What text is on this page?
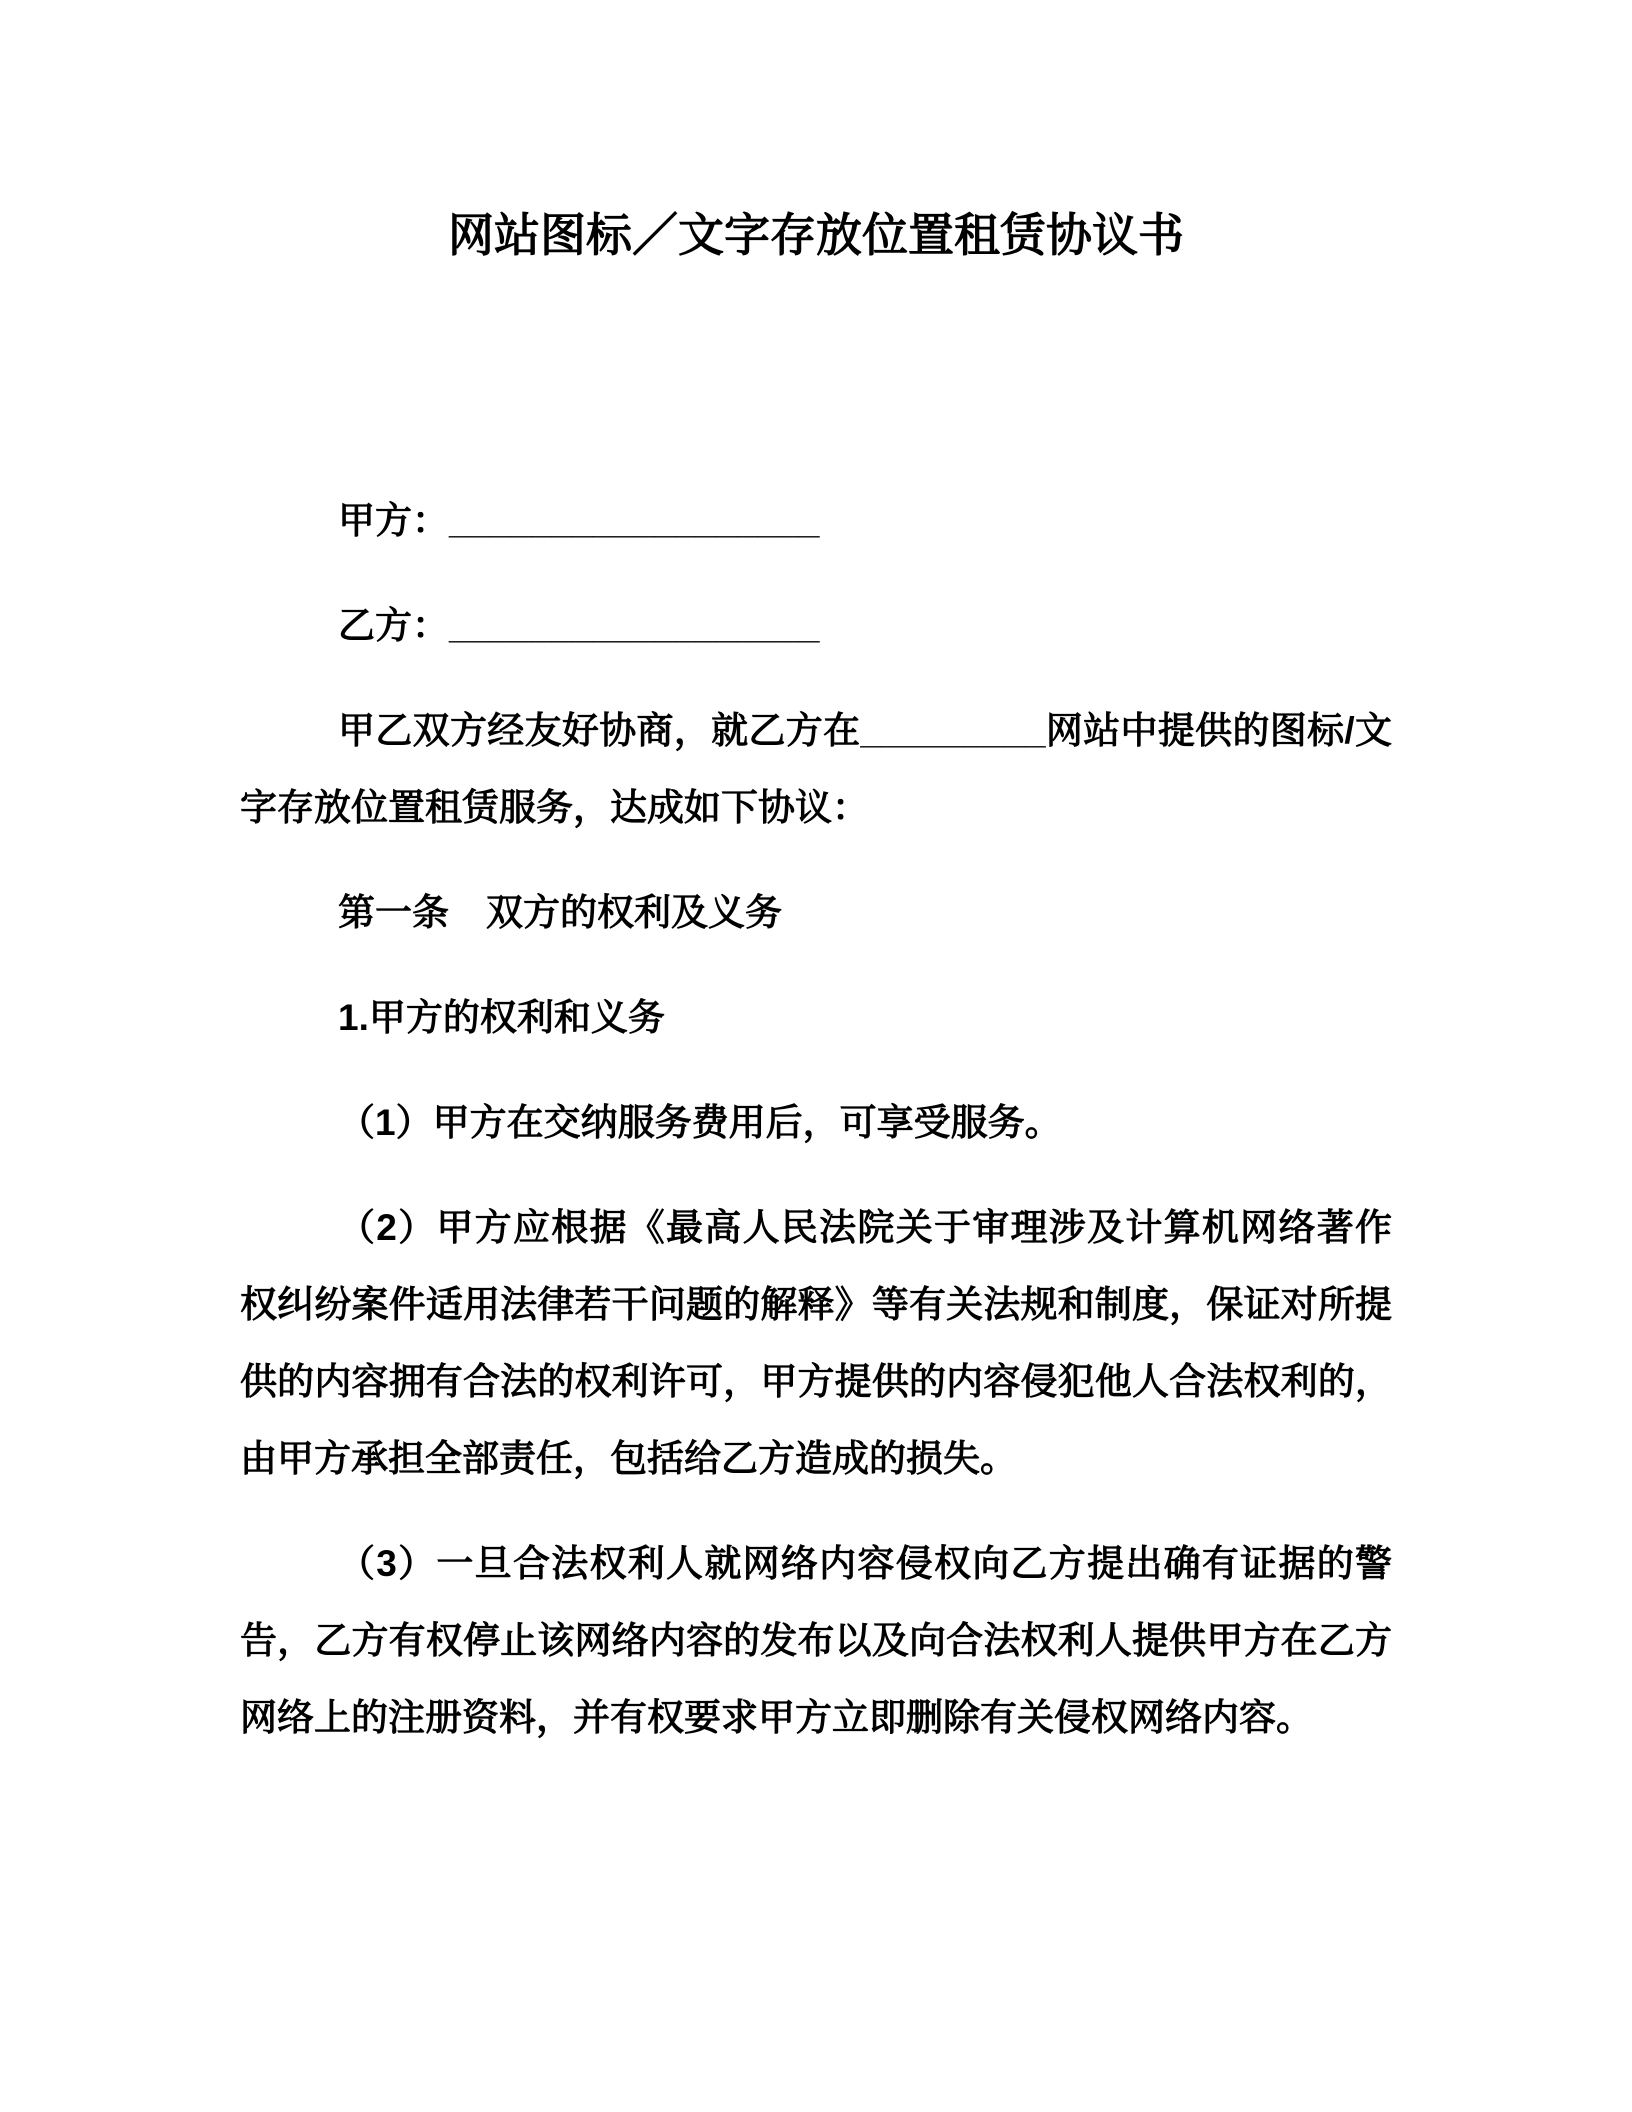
网站图标／文字存放位置租赁协议书

甲方：__________________

乙方：__________________

甲乙双方经友好协商，就乙方在_________网站中提供的图标/文字存放位置租赁服务，达成如下协议：

第一条　双方的权利及义务

1.甲方的权利和义务

（1）甲方在交纳服务费用后，可享受服务。

（2）甲方应根据《最高人民法院关于审理涉及计算机网络著作权纠纷案件适用法律若干问题的解释》等有关法规和制度，保证对所提供的内容拥有合法的权利许可，甲方提供的内容侵犯他人合法权利的，由甲方承担全部责任，包括给乙方造成的损失。

（3）一旦合法权利人就网络内容侵权向乙方提出确有证据的警告，乙方有权停止该网络内容的发布以及向合法权利人提供甲方在乙方网络上的注册资料，并有权要求甲方立即删除有关侵权网络内容。
